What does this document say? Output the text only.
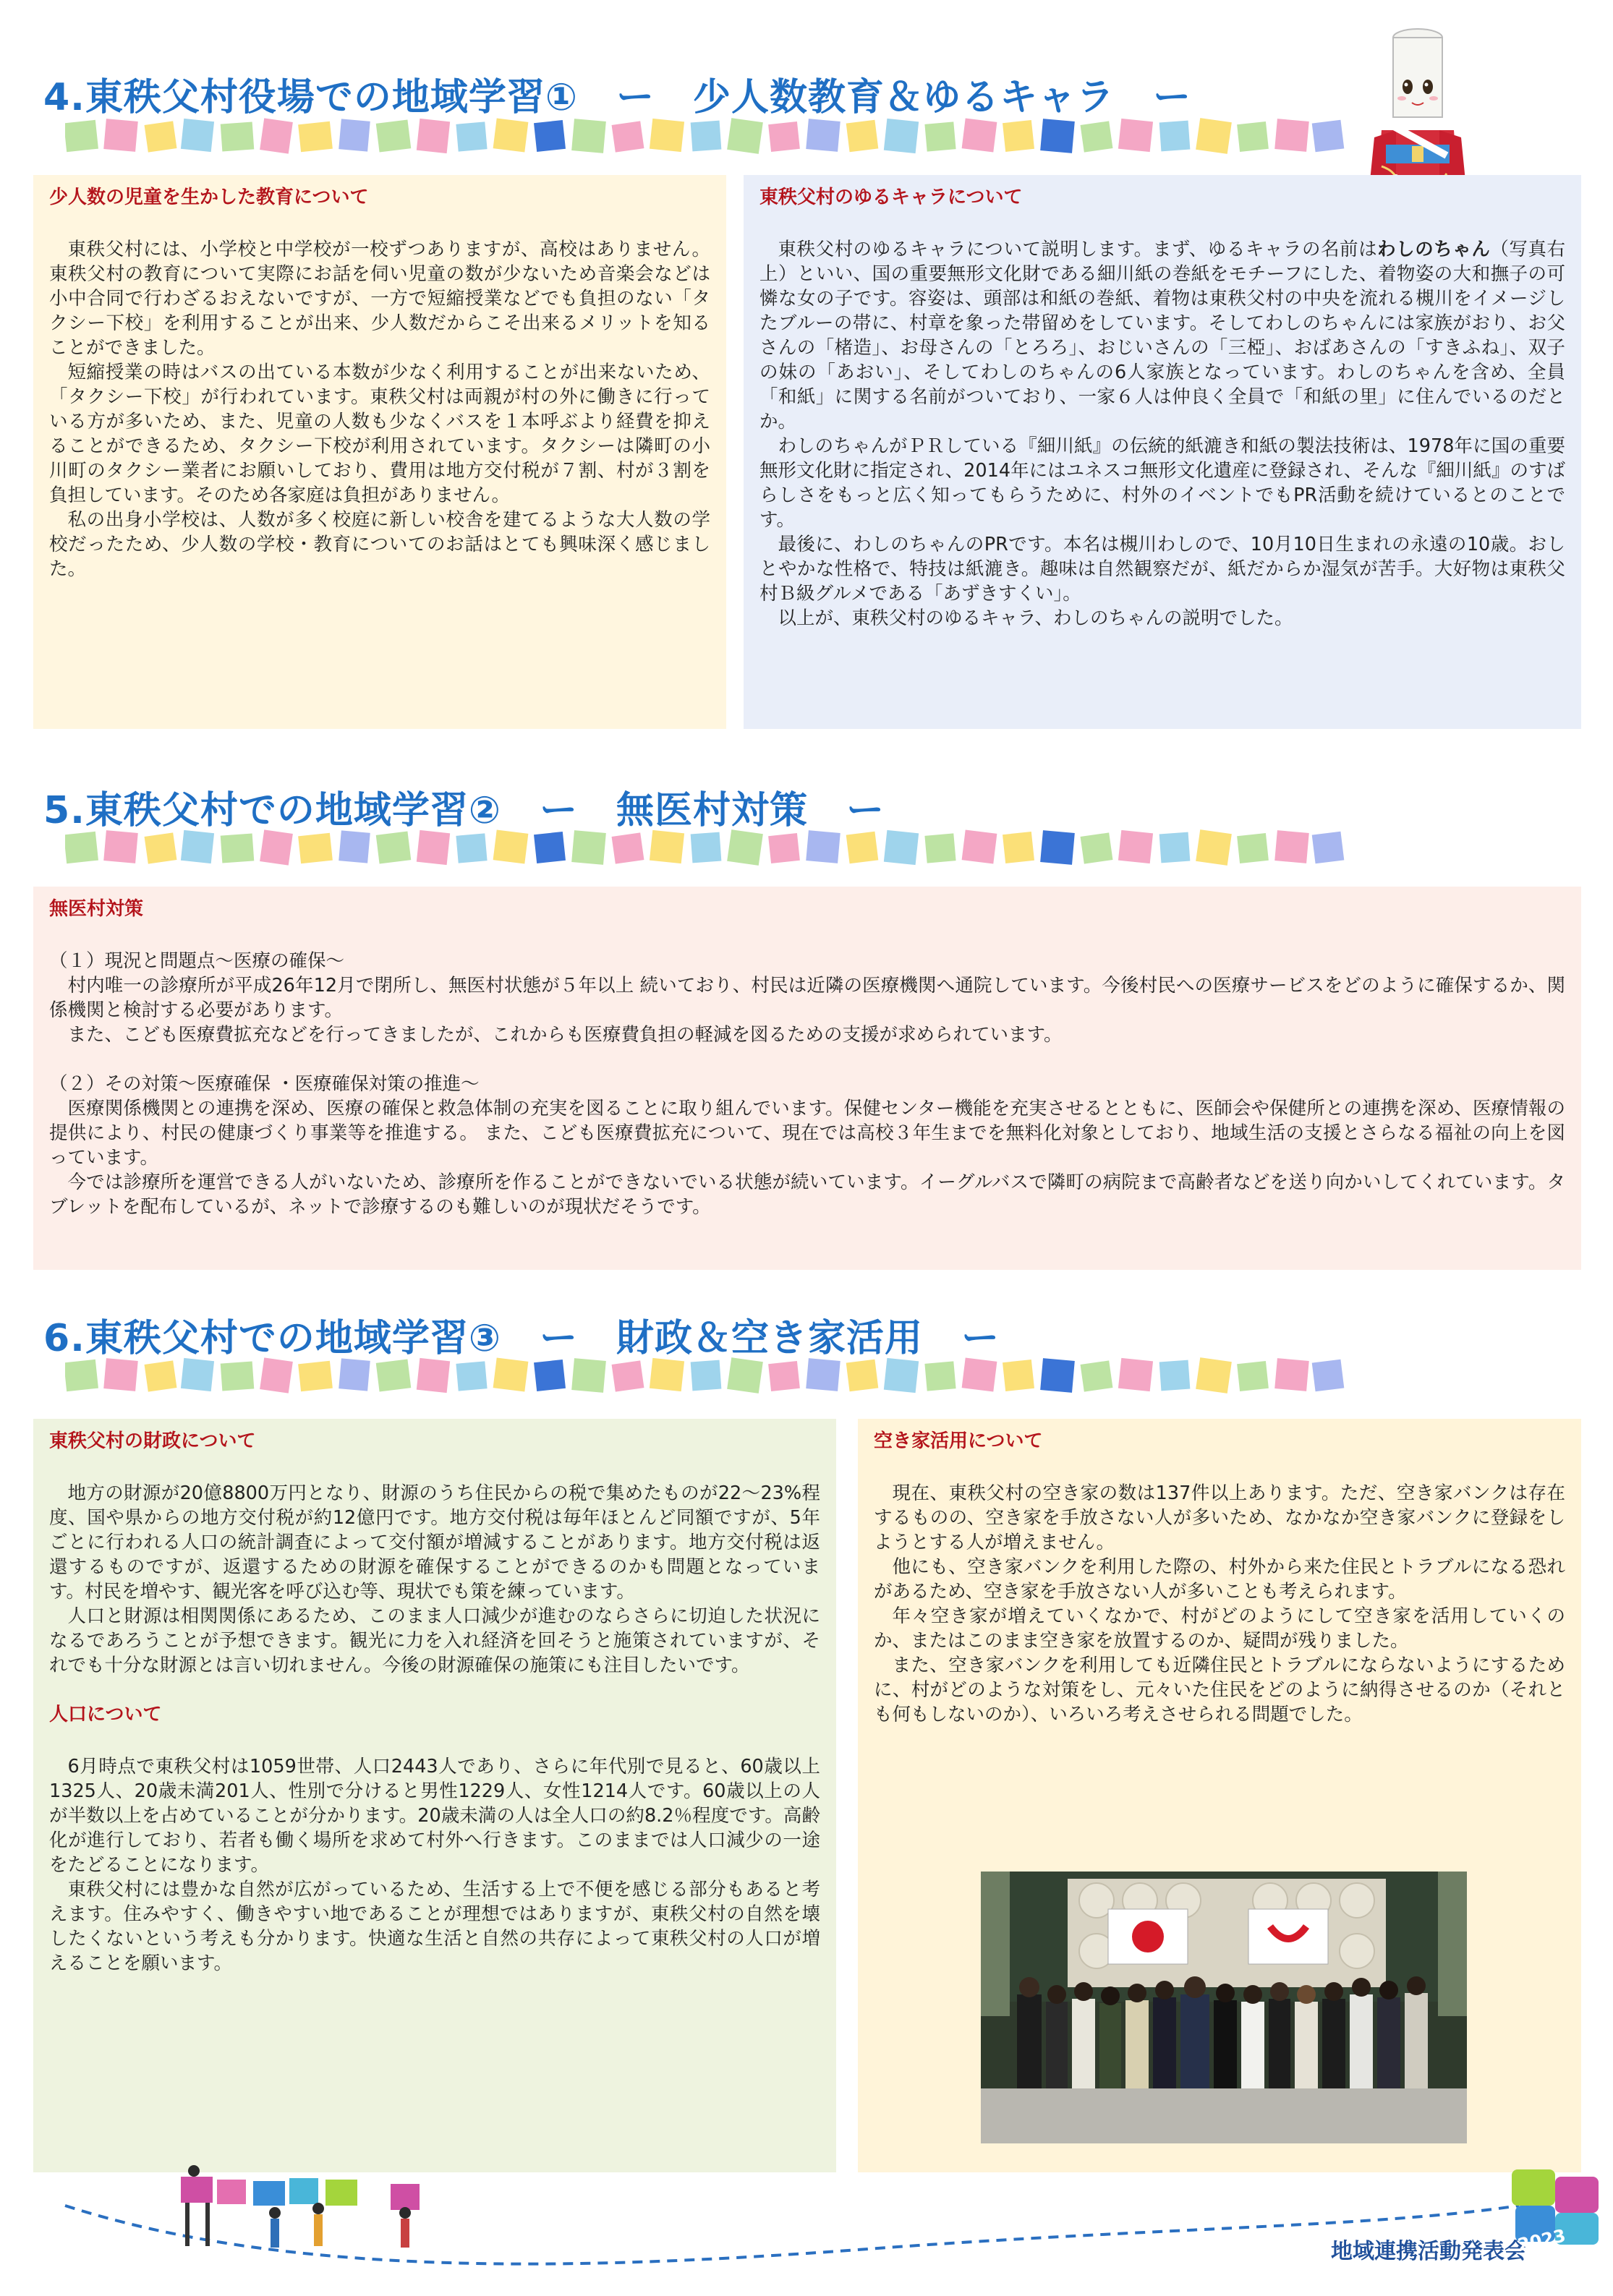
4.東秩父村役場での地域学習①　ー　少人数教育＆ゆるキャラ　ー
少人数の児童を生かした教育について

東秩父村には、小学校と中学校が一校ずつありますが、高校はありません。東秩父村の教育について実際にお話を伺い児童の数が少ないため音楽会などは小中合同で行わざるおえないですが、一方で短縮授業などでも負担のない「タクシー下校」を利用することが出来、少人数だからこそ出来るメリットを知ることができました。

短縮授業の時はバスの出ている本数が少なく利用することが出来ないため、「タクシー下校」が行われています。東秩父村は両親が村の外に働きに行っている方が多いため、また、児童の人数も少なくバスを１本呼ぶより経費を抑えることができるため、タクシー下校が利用されています。タクシーは隣町の小川町のタクシー業者にお願いしており、費用は地方交付税が７割、村が３割を負担しています。そのため各家庭は負担がありません。

私の出身小学校は、人数が多く校庭に新しい校舎を建てるような大人数の学校だったため、少人数の学校・教育についてのお話はとても興味深く感じました。

東秩父村のゆるキャラについて

東秩父村のゆるキャラについて説明します。まず、ゆるキャラの名前はわしのちゃん（写真右上）といい、国の重要無形文化財である細川紙の巻紙をモチーフにした、着物姿の大和撫子の可憐な女の子です。容姿は、頭部は和紙の巻紙、着物は東秩父村の中央を流れる槻川をイメージしたブルーの帯に、村章を象った帯留めをしています。そしてわしのちゃんには家族がおり、お父さんの「楮造」、お母さんの「とろろ」、おじいさんの「三椏」、おばあさんの「すきふね」、双子の妹の「あおい」、そしてわしのちゃんの6人家族となっています。わしのちゃんを含め、全員「和紙」に関する名前がついており、一家６人は仲良く全員で「和紙の里」に住んでいるのだとか。

わしのちゃんがＰＲしている『細川紙』の伝統的紙漉き和紙の製法技術は、1978年に国の重要無形文化財に指定され、2014年にはユネスコ無形文化遺産に登録され、そんな『細川紙』のすばらしさをもっと広く知ってもらうために、村外のイベントでもPR活動を続けているとのことです。

最後に、わしのちゃんのPRです。本名は槻川わしので、10月10日生まれの永遠の10歳。おしとやかな性格で、特技は紙漉き。趣味は自然観察だが、紙だからか湿気が苦手。大好物は東秩父村Ｂ級グルメである「あずきすくい」。

以上が、東秩父村のゆるキャラ、わしのちゃんの説明でした。

5.東秩父村での地域学習②　ー　無医村対策　ー
無医村対策

（１）現況と問題点～医療の確保～

村内唯一の診療所が平成26年12月で閉所し、無医村状態が５年以上 続いており、村民は近隣の医療機関へ通院しています。今後村民への医療サービスをどのように確保するか、関係機関と検討する必要があります。

また、こども医療費拡充などを行ってきましたが、これからも医療費負担の軽減を図るための支援が求められています。

（２）その対策～医療確保 ・医療確保対策の推進～

医療関係機関との連携を深め、医療の確保と救急体制の充実を図ることに取り組んでいます。保健センター機能を充実させるとともに、医師会や保健所との連携を深め、医療情報の提供により、村民の健康づくり事業等を推進する。 また、こども医療費拡充について、現在では高校３年生までを無料化対象としており、地域生活の支援とさらなる福祉の向上を図っています。

今では診療所を運営できる人がいないため、診療所を作ることができないでいる状態が続いています。イーグルバスで隣町の病院まで高齢者などを送り向かいしてくれています。タブレットを配布しているが、ネットで診療するのも難しいのが現状だそうです。

6.東秩父村での地域学習③　ー　財政＆空き家活用　ー
東秩父村の財政について

地方の財源が20億8800万円となり、財源のうち住民からの税で集めたものが22～23%程度、国や県からの地方交付税が約12億円です。地方交付税は毎年ほとんど同額ですが、5年ごとに行われる人口の統計調査によって交付額が増減することがあります。地方交付税は返還するものですが、返還するための財源を確保することができるのかも問題となっています。村民を増やす、観光客を呼び込む等、現状でも策を練っています。

人口と財源は相関関係にあるため、このまま人口減少が進むのならさらに切迫した状況になるであろうことが予想できます。観光に力を入れ経済を回そうと施策されていますが、それでも十分な財源とは言い切れません。今後の財源確保の施策にも注目したいです。

人口について

6月時点で東秩父村は1059世帯、人口2443人であり、さらに年代別で見ると、60歳以上1325人、20歳未満201人、性別で分けると男性1229人、女性1214人です。60歳以上の人が半数以上を占めていることが分かります。20歳未満の人は全人口の約8.2％程度です。高齢化が進行しており、若者も働く場所を求めて村外へ行きます。このままでは人口減少の一途をたどることになります。

東秩父村には豊かな自然が広がっているため、生活する上で不便を感じる部分もあると考えます。住みやすく、働きやすい地であることが理想ではありますが、東秩父村の自然を壊したくないという考えも分かります。快適な生活と自然の共存によって東秩父村の人口が増えることを願います。

空き家活用について

現在、東秩父村の空き家の数は137件以上あります。ただ、空き家バンクは存在するものの、空き家を手放さない人が多いため、なかなか空き家バンクに登録をしようとする人が増えません。

他にも、空き家バンクを利用した際の、村外から来た住民とトラブルになる恐れがあるため、空き家を手放さない人が多いことも考えられます。

年々空き家が増えていくなかで、村がどのようにして空き家を活用していくのか、またはこのまま空き家を放置するのか、疑問が残りました。

また、空き家バンクを利用しても近隣住民とトラブルにならないようにするために、村がどのような対策をし、元々いた住民をどのように納得させるのか（それとも何もしないのか）、いろいろ考えさせられる問題でした。

地域連携活動発表会
2023
